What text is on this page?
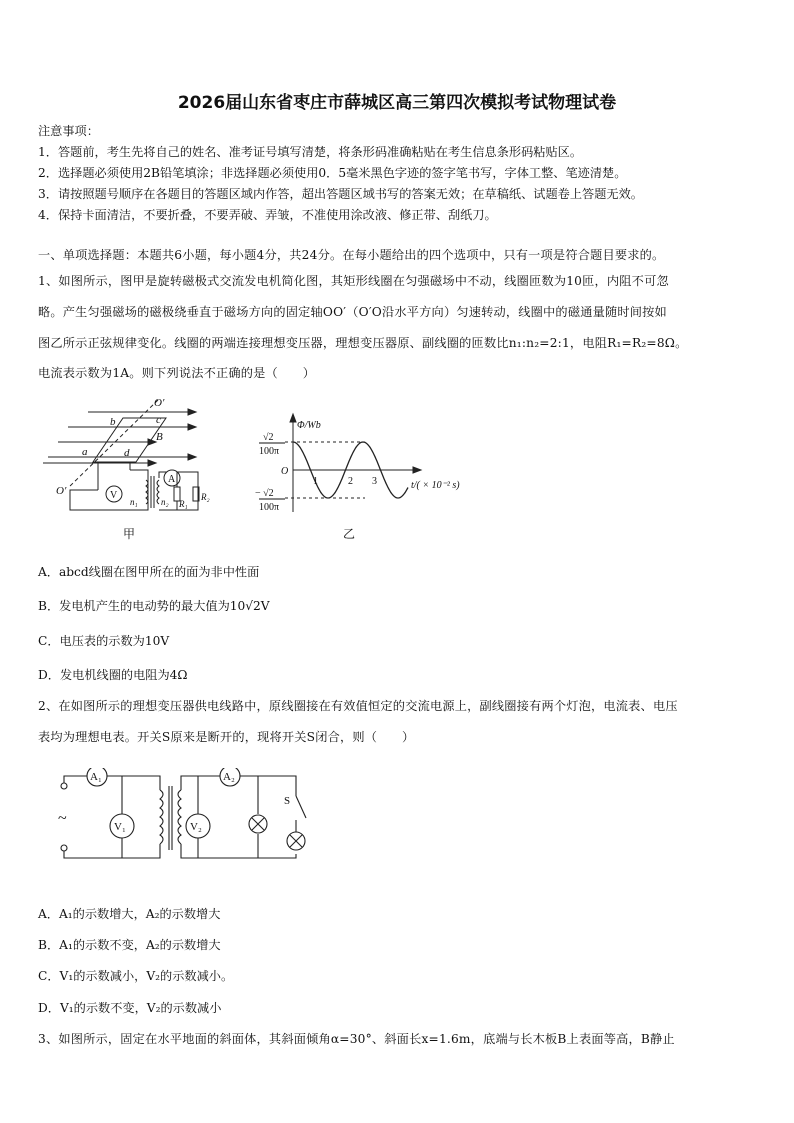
2026届山东省枣庄市薛城区高三第四次模拟考试物理试卷
注意事项：
1．答题前，考生先将自己的姓名、准考证号填写清楚，将条形码准确粘贴在考生信息条形码粘贴区。
2．选择题必须使用2B铅笔填涂；非选择题必须使用0．5毫米黑色字迹的签字笔书写，字体工整、笔迹清楚。
3．请按照题号顺序在各题目的答题区域内作答，超出答题区域书写的答案无效；在草稿纸、试题卷上答题无效。
4．保持卡面清洁，不要折叠，不要弄破、弄皱，不准使用涂改液、修正带、刮纸刀。
一、单项选择题：本题共6小题，每小题4分，共24分。在每小题给出的四个选项中，只有一项是符合题目要求的。
1、如图所示，图甲是旋转磁极式交流发电机简化图，其矩形线圈在匀强磁场中不动，线圈匝数为10匝，内阻不可忽
略。产生匀强磁场的磁极绕垂直于磁场方向的固定轴OO′（O′O沿水平方向）匀速转动，线圈中的磁通量随时间按如
图乙所示正弦规律变化。线圈的两端连接理想变压器，理想变压器原、副线圈的匝数比n₁:n₂=2:1，电阻R₁=R₂=8Ω。
电流表示数为1A。则下列说法不正确的是（　　）
O′
b	c
B
a	d
O′
A
V
n₁	n₂ R₁
R₂
甲
Φ/Wb
√2
100π
O
− √2
100π
1	2 3	t/( × 10⁻² s)
乙
A．abcd线圈在图甲所在的面为非中性面
B．发电机产生的电动势的最大值为10√2V
C．电压表的示数为10V
D．发电机线圈的电阻为4Ω
2、在如图所示的理想变压器供电线路中，原线圈接在有效值恒定的交流电源上，副线圈接有两个灯泡，电流表、电压
表均为理想电表。开关S原来是断开的，现将开关S闭合，则（　　）
A₁	A₂
V₁	V₂
S
~
A．A₁的示数增大，A₂的示数增大
B．A₁的示数不变，A₂的示数增大
C．V₁的示数减小，V₂的示数减小。
D．V₁的示数不变，V₂的示数减小
3、如图所示，固定在水平地面的斜面体，其斜面倾角α=30°、斜面长x=1.6m，底端与长木板B上表面等高，B静止
